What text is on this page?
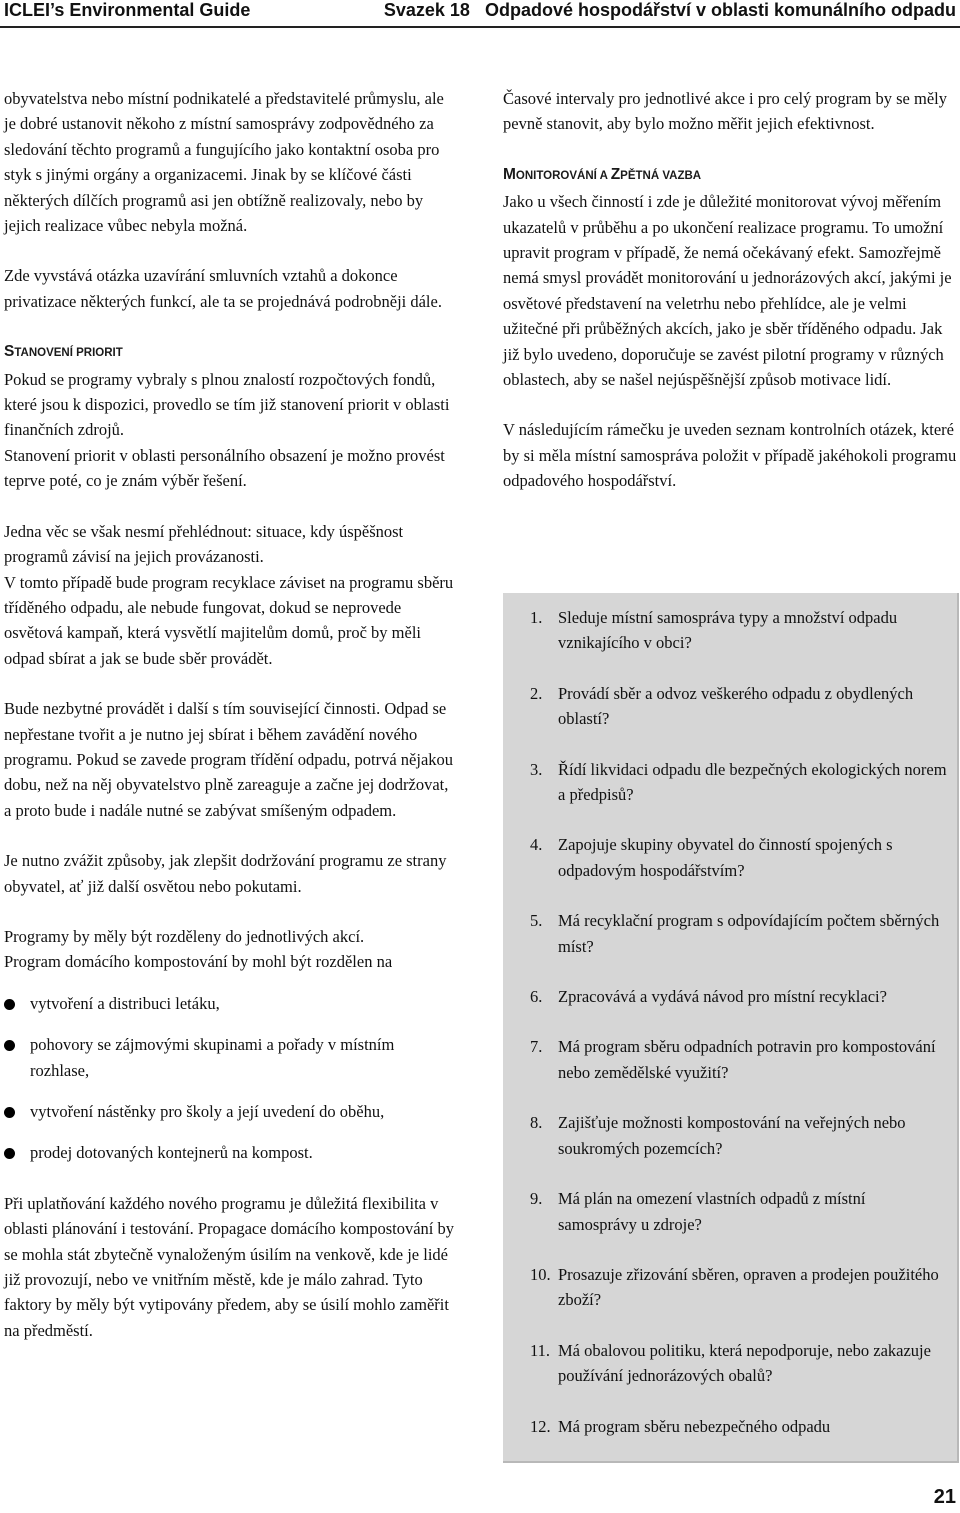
ICLEI’s Environmental Guide	Svazek 18   Odpadové hospodářství v oblasti komunálního odpadu

obyvatelstva nebo místní podnikatelé a představitelé průmyslu, ale je dobré ustanovit někoho z místní samosprávy zodpovědného za sledování těchto programů a fungujícího jako kontaktní osoba pro styk s jinými orgány a organizacemi. Jinak by se klíčové části některých dílčích programů asi jen obtížně realizovaly, nebo by jejich realizace vůbec nebyla možná.

Zde vyvstává otázka uzavírání smluvních vztahů a dokonce privatizace některých funkcí, ale ta se projednává podrobněji dále.

STANOVENÍ PRIORIT

Pokud se programy vybraly s plnou znalostí rozpočtových fondů, které jsou k dispozici, provedlo se tím již stanovení priorit v oblasti finančních zdrojů.

Stanovení priorit v oblasti personálního obsazení je možno provést teprve poté, co je znám výběr řešení.

Jedna věc se však nesmí přehlédnout: situace, kdy úspěšnost programů závisí na jejich provázanosti.

V tomto případě bude program recyklace záviset na programu sběru tříděného odpadu, ale nebude fungovat, dokud se neprovede osvětová kampaň, která vysvětlí majitelům domů, proč by měli odpad sbírat a jak se bude sběr provádět.

Bude nezbytné provádět i další s tím související činnosti. Odpad se nepřestane tvořit a je nutno jej sbírat i během zavádění nového programu. Pokud se zavede program třídění odpadu, potrvá nějakou dobu, než na něj obyvatelstvo plně zareaguje a začne jej dodržovat, a proto bude i nadále nutné se zabývat smíšeným odpadem.

Je nutno zvážit způsoby, jak zlepšit dodržování programu ze strany obyvatel, ať již další osvětou nebo pokutami.

Programy by měly být rozděleny do jednotlivých akcí.

Program domácího kompostování by mohl být rozdělen na

vytvoření a distribuci letáku,
pohovory se zájmovými skupinami a pořady v místním rozhlase,
vytvoření nástěnky pro školy a její uvedení do oběhu,
prodej dotovaných kontejnerů na kompost.

Při uplatňování každého nového programu je důležitá flexibilita v oblasti plánování i testování. Propagace domácího kompostování by se mohla stát zbytečně vynaloženým úsilím na venkově, kde je lidé již provozují, nebo ve vnitřním městě, kde je málo zahrad. Tyto faktory by měly být vytipovány předem, aby se úsilí mohlo zaměřit na předměstí.

Časové intervaly pro jednotlivé akce i pro celý program by se měly pevně stanovit, aby bylo možno měřit jejich efektivnost.

MONITOROVÁNÍ A ZPĚTNÁ VAZBA

Jako u všech činností i zde je důležité monitorovat vývoj měřením ukazatelů v průběhu a po ukončení realizace programu. To umožní upravit program v případě, že nemá očekávaný efekt. Samozřejmě nemá smysl provádět monitorování u jednorázových akcí, jakými je osvětové představení na veletrhu nebo přehlídce, ale je velmi užitečné při průběžných akcích, jako je sběr tříděného odpadu. Jak již bylo uvedeno, doporučuje se zavést pilotní programy v různých oblastech, aby se našel nejúspěšnější způsob motivace lidí.

V následujícím rámečku je uveden seznam kontrolních otázek, které by si měla místní samospráva položit v případě jakéhokoli programu odpadového hospodářství.

1. Sleduje místní samospráva typy a množství odpadu vznikajícího v obci?
2. Provádí sběr a odvoz veškerého odpadu z obydlených oblastí?
3. Řídí likvidaci odpadu dle bezpečných ekologických norem a předpisů?
4. Zapojuje skupiny obyvatel do činností spojených s odpadovým hospodářstvím?
5. Má recyklační program s odpovídajícím počtem sběrných míst?
6. Zpracovává a vydává návod pro místní recyklaci?
7. Má program sběru odpadních potravin pro kompostování nebo zemědělské využití?
8. Zajišťuje možnosti kompostování na veřejných nebo soukromých pozemcích?
9. Má plán na omezení vlastních odpadů z místní samosprávy u zdroje?
10. Prosazuje zřizování sběren, opraven a prodejen použitého zboží?
11. Má obalovou politiku, která nepodporuje, nebo zakazuje používání jednorázových obalů?
12. Má program sběru nebezpečného odpadu
21
